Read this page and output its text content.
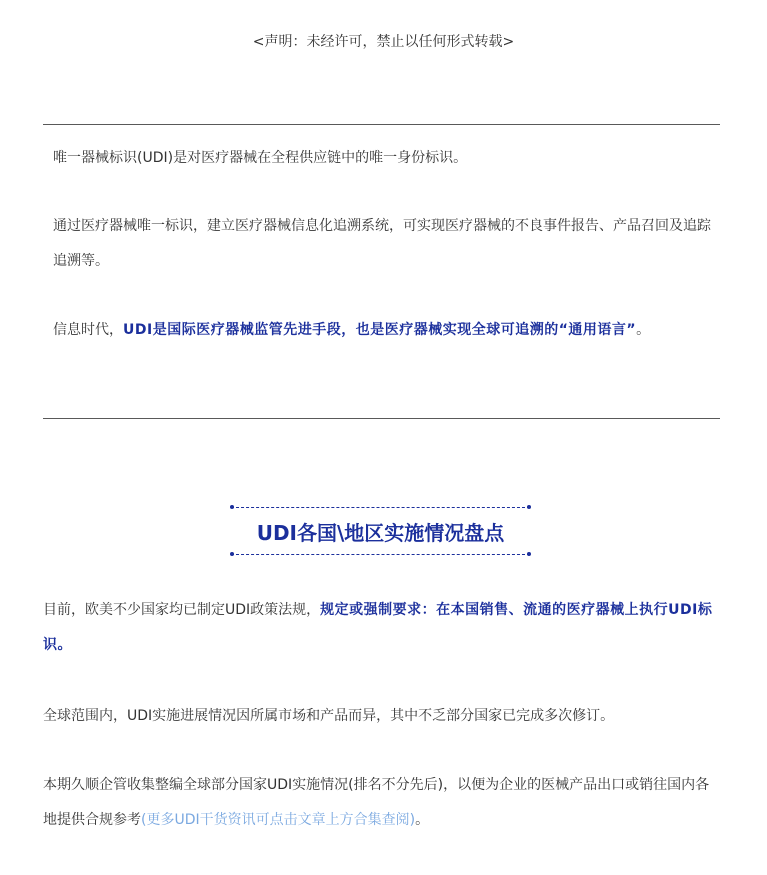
<声明：未经许可，禁止以任何形式转载>
唯一器械标识(UDI)是对医疗器械在全程供应链中的唯一身份标识。
通过医疗器械唯一标识，建立医疗器械信息化追溯系统，可实现医疗器械的不良事件报告、产品召回及追踪追溯等。
信息时代，UDI是国际医疗器械监管先进手段，也是医疗器械实现全球可追溯的“通用语言”。
UDI各国\地区实施情况盘点
目前，欧美不少国家均已制定UDI政策法规，规定或强制要求：在本国销售、流通的医疗器械上执行UDI标识。
全球范围内，UDI实施进展情况因所属市场和产品而异，其中不乏部分国家已完成多次修订。
本期久顺企管收集整编全球部分国家UDI实施情况(排名不分先后)，以便为企业的医械产品出口或销往国内各地提供合规参考(更多UDI干货资讯可点击文章上方合集查阅)。
